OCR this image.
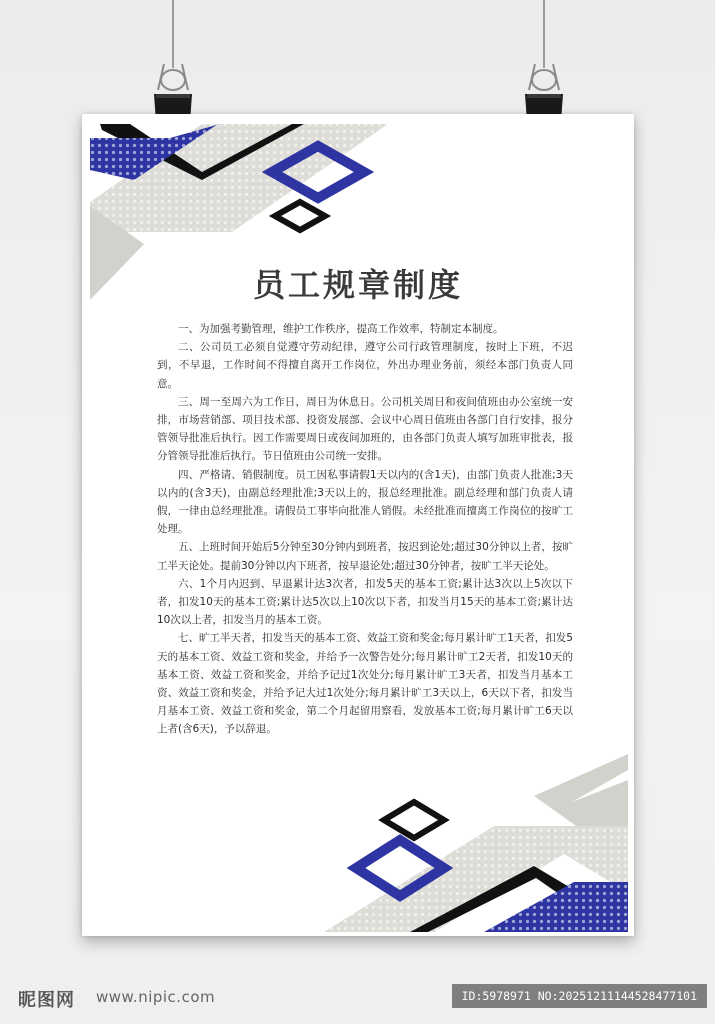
员工规章制度

一、为加强考勤管理，维护工作秩序，提高工作效率，特制定本制度。

二、公司员工必须自觉遵守劳动纪律，遵守公司行政管理制度，按时上下班，不迟到，不早退，工作时间不得擅自离开工作岗位，外出办理业务前，须经本部门负责人同意。

三、周一至周六为工作日，周日为休息日。公司机关周日和夜间值班由办公室统一安排，市场营销部、项目技术部、投资发展部、会议中心周日值班由各部门自行安排，报分管领导批准后执行。因工作需要周日或夜间加班的，由各部门负责人填写加班审批表，报分管领导批准后执行。节日值班由公司统一安排。

四、严格请、销假制度。员工因私事请假1天以内的(含1天)，由部门负责人批准;3天以内的(含3天)，由副总经理批准;3天以上的，报总经理批准。副总经理和部门负责人请假，一律由总经理批准。请假员工事毕向批准人销假。未经批准而擅离工作岗位的按旷工处理。

五、上班时间开始后5分钟至30分钟内到班者，按迟到论处;超过30分钟以上者，按旷工半天论处。提前30分钟以内下班者，按早退论处;超过30分钟者，按旷工半天论处。

六、1个月内迟到、早退累计达3次者，扣发5天的基本工资;累计达3次以上5次以下者，扣发10天的基本工资;累计达5次以上10次以下者，扣发当月15天的基本工资;累计达10次以上者，扣发当月的基本工资。

七、旷工半天者，扣发当天的基本工资、效益工资和奖金;每月累计旷工1天者，扣发5天的基本工资、效益工资和奖金，并给予一次警告处分;每月累计旷工2天者，扣发10天的基本工资、效益工资和奖金，并给予记过1次处分;每月累计旷工3天者，扣发当月基本工资、效益工资和奖金，并给予记大过1次处分;每月累计旷工3天以上，6天以下者，扣发当月基本工资、效益工资和奖金，第二个月起留用察看，发放基本工资;每月累计旷工6天以上者(含6天)，予以辞退。

昵图网 www.nipic.com	ID:5978971 NO:20251211144528477101
